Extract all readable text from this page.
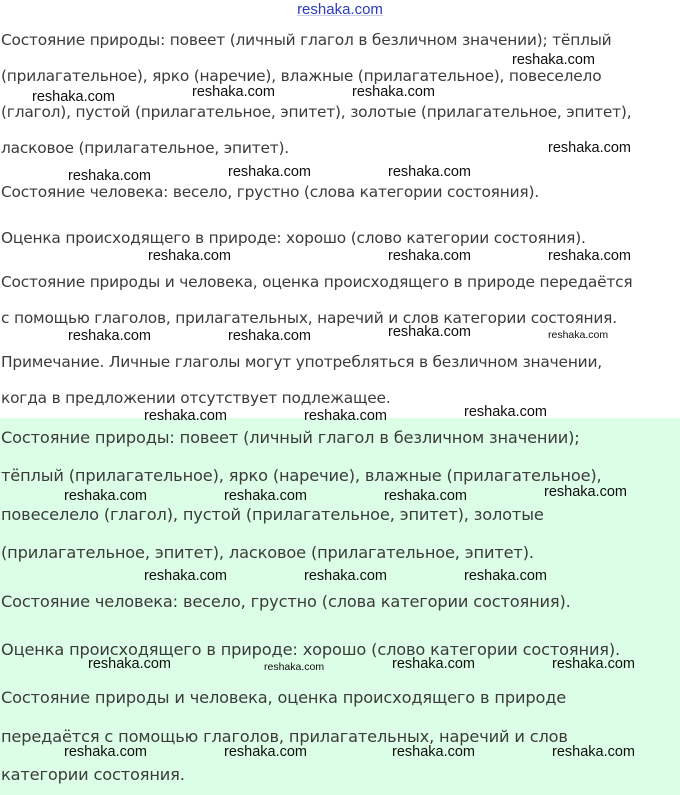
reshaka.com
Состояние природы: повеет (личный глагол в безличном значении); тёплый
(прилагательное), ярко (наречие), влажные (прилагательное), повеселело
(глагол), пустой (прилагательное, эпитет), золотые (прилагательное, эпитет),
ласковое (прилагательное, эпитет).
Состояние человека: весело, грустно (слова категории состояния).
Оценка происходящего в природе: хорошо (слово категории состояния).
Состояние природы и человека, оценка происходящего в природе передаётся
с помощью глаголов, прилагательных, наречий и слов категории состояния.
Примечание. Личные глаголы могут употребляться в безличном значении,
когда в предложении отсутствует подлежащее.
Состояние природы: повеет (личный глагол в безличном значении);
тёплый (прилагательное), ярко (наречие), влажные (прилагательное),
повеселело (глагол), пустой (прилагательное, эпитет), золотые
(прилагательное, эпитет), ласковое (прилагательное, эпитет).
Состояние человека: весело, грустно (слова категории состояния).
Оценка происходящего в природе: хорошо (слово категории состояния).
Состояние природы и человека, оценка происходящего в природе
передаётся с помощью глаголов, прилагательных, наречий и слов
категории состояния.
reshaka.com
reshaka.com	reshaka.com	reshaka.com
reshaka.com
reshaka.com	reshaka.com	reshaka.com
reshaka.com	reshaka.com	reshaka.com
reshaka.com	reshaka.com	reshaka.com	reshaka.com
reshaka.com	reshaka.com	reshaka.com
reshaka.com	reshaka.com	reshaka.com	reshaka.com
reshaka.com	reshaka.com	reshaka.com
reshaka.com	reshaka.com	reshaka.com	reshaka.com
reshaka.com	reshaka.com	reshaka.com	reshaka.com
